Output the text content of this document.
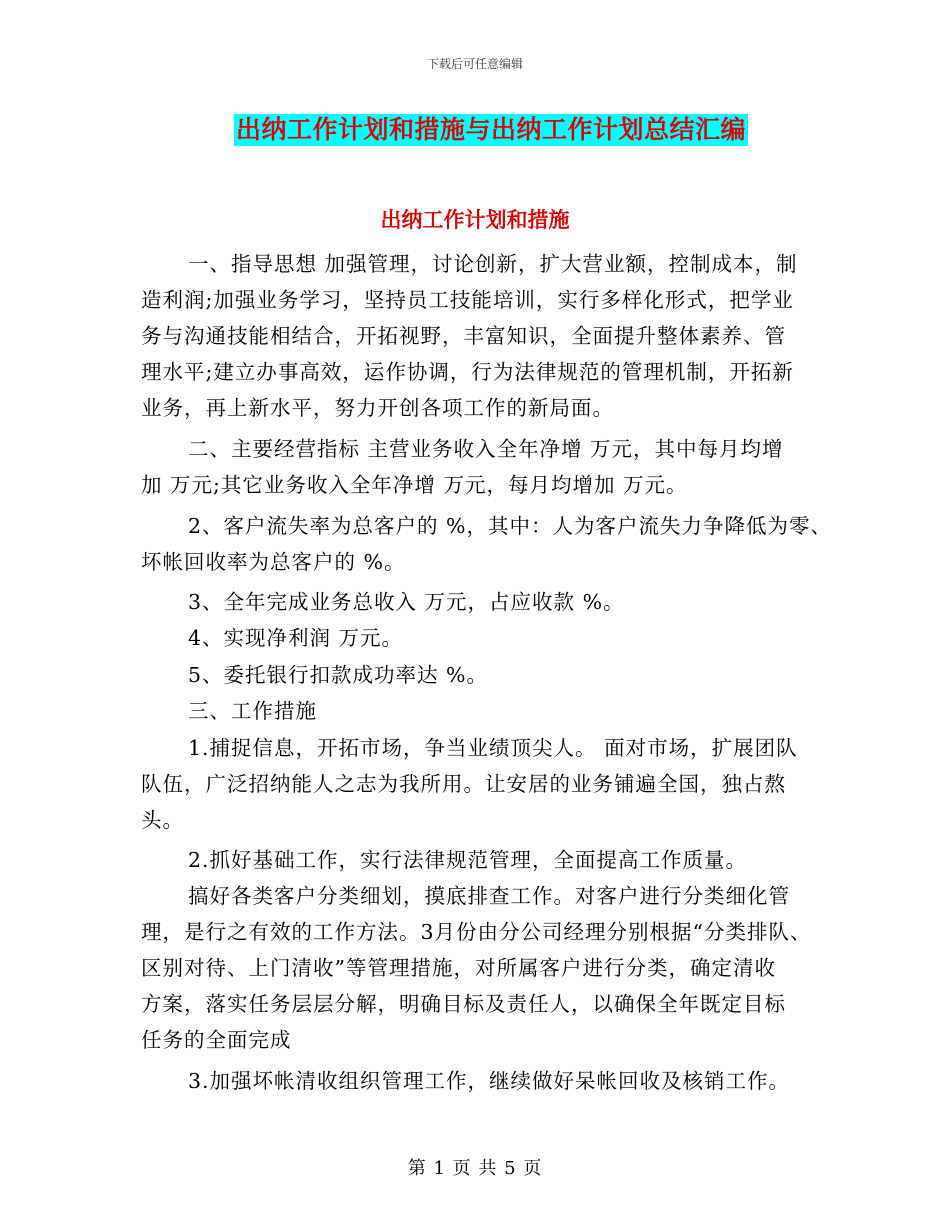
下载后可任意编辑
出纳工作计划和措施与出纳工作计划总结汇编
出纳工作计划和措施
一、指导思想 加强管理，讨论创新，扩大营业额，控制成本，制
造利润;加强业务学习，坚持员工技能培训，实行多样化形式，把学业
务与沟通技能相结合，开拓视野，丰富知识，全面提升整体素养、管
理水平;建立办事高效，运作协调，行为法律规范的管理机制，开拓新
业务，再上新水平，努力开创各项工作的新局面。
二、主要经营指标 主营业务收入全年净增 万元，其中每月均增
加 万元;其它业务收入全年净增 万元，每月均增加 万元。
2、客户流失率为总客户的 %，其中：人为客户流失力争降低为零、
坏帐回收率为总客户的 %。
3、全年完成业务总收入 万元，占应收款 %。
4、实现净利润 万元。
5、委托银行扣款成功率达 %。
三、工作措施
1.捕捉信息，开拓市场，争当业绩顶尖人。 面对市场，扩展团队
队伍，广泛招纳能人之志为我所用。让安居的业务铺遍全国，独占熬
头。
2.抓好基础工作，实行法律规范管理，全面提高工作质量。
搞好各类客户分类细划，摸底排查工作。对客户进行分类细化管
理，是行之有效的工作方法。3月份由分公司经理分别根据“分类排队、
区别对待、上门清收”等管理措施，对所属客户进行分类，确定清收
方案，落实任务层层分解，明确目标及责任人，以确保全年既定目标
任务的全面完成
3.加强坏帐清收组织管理工作，继续做好呆帐回收及核销工作。
第 1 页 共 5 页
